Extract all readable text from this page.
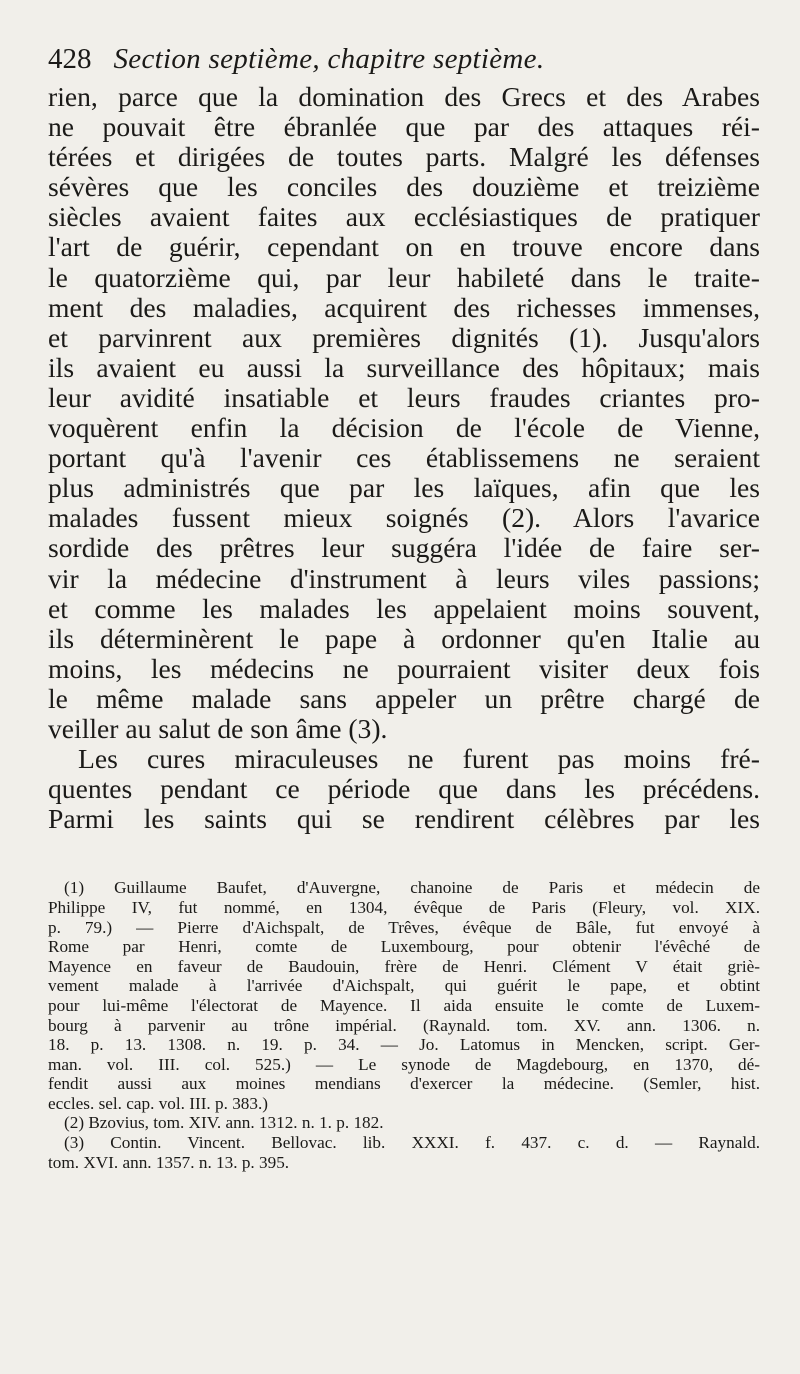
428 Section septième, chapitre septième.
rien, parce que la domination des Grecs et des Arabes
ne pouvait être ébranlée que par des attaques réi-
térées et dirigées de toutes parts. Malgré les défenses
sévères que les conciles des douzième et treizième
siècles avaient faites aux ecclésiastiques de pratiquer
l'art de guérir, cependant on en trouve encore dans
le quatorzième qui, par leur habileté dans le traite-
ment des maladies, acquirent des richesses immenses,
et parvinrent aux premières dignités (1). Jusqu'alors
ils avaient eu aussi la surveillance des hôpitaux; mais
leur avidité insatiable et leurs fraudes criantes pro-
voquèrent enfin la décision de l'école de Vienne,
portant qu'à l'avenir ces établissemens ne seraient
plus administrés que par les laïques, afin que les
malades fussent mieux soignés (2). Alors l'avarice
sordide des prêtres leur suggéra l'idée de faire ser-
vir la médecine d'instrument à leurs viles passions;
et comme les malades les appelaient moins souvent,
ils déterminèrent le pape à ordonner qu'en Italie au
moins, les médecins ne pourraient visiter deux fois
le même malade sans appeler un prêtre chargé de
veiller au salut de son âme (3).
Les cures miraculeuses ne furent pas moins fré-
quentes pendant ce période que dans les précédens.
Parmi les saints qui se rendirent célèbres par les
(1) Guillaume Baufet, d'Auvergne, chanoine de Paris et médecin de
Philippe IV, fut nommé, en 1304, évêque de Paris (Fleury, vol. XIX.
p. 79.) — Pierre d'Aichspalt, de Trêves, évêque de Bâle, fut envoyé à
Rome par Henri, comte de Luxembourg, pour obtenir l'évêché de
Mayence en faveur de Baudouin, frère de Henri. Clément V était griè-
vement malade à l'arrivée d'Aichspalt, qui guérit le pape, et obtint
pour lui-même l'électorat de Mayence. Il aida ensuite le comte de Luxem-
bourg à parvenir au trône impérial. (Raynald. tom. XV. ann. 1306. n.
18. p. 13. 1308. n. 19. p. 34. — Jo. Latomus in Mencken, script. Ger-
man. vol. III. col. 525.) — Le synode de Magdebourg, en 1370, dé-
fendit aussi aux moines mendians d'exercer la médecine. (Semler, hist.
eccles. sel. cap. vol. III. p. 383.)
(2) Bzovius, tom. XIV. ann. 1312. n. 1. p. 182.
(3) Contin. Vincent. Bellovac. lib. XXXI. f. 437. c. d. — Raynald.
tom. XVI. ann. 1357. n. 13. p. 395.
